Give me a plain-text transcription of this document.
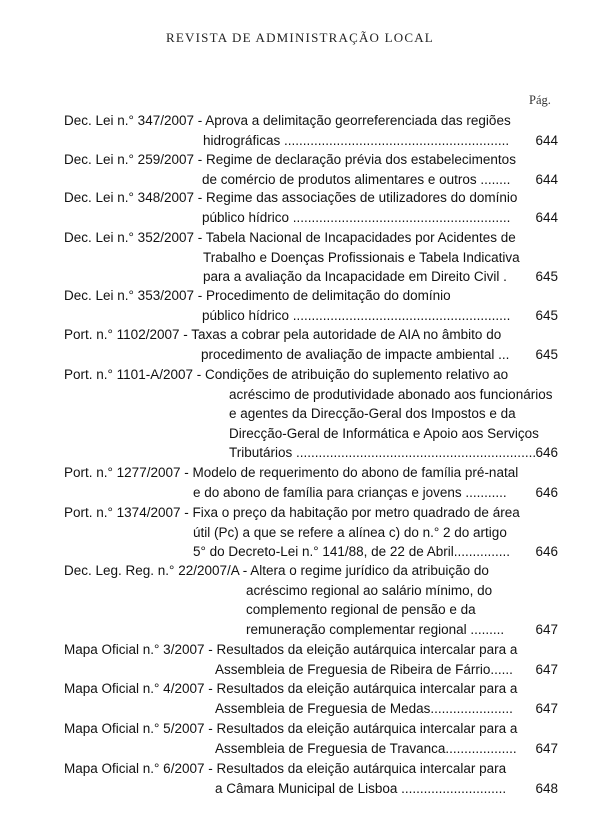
REVISTA DE ADMINISTRAÇÃO LOCAL
Pág.
Dec. Lei n.° 347/2007 - Aprova a delimitação georreferenciada das regiões
hidrográficas ............................................................ 644
Dec. Lei n.° 259/2007 - Regime de declaração prévia dos estabelecimentos
de comércio de produtos alimentares e outros ........ 644
Dec. Lei n.° 348/2007 - Regime das associações de utilizadores do domínio
público hídrico .......................................................... 644
Dec. Lei n.° 352/2007 - Tabela Nacional de Incapacidades por Acidentes de
Trabalho e Doenças Profissionais e Tabela Indicativa
para a avaliação da Incapacidade em Direito Civil . 645
Dec. Lei n.° 353/2007 - Procedimento de delimitação do domínio
público hídrico .......................................................... 645
Port. n.° 1102/2007 - Taxas a cobrar pela autoridade de AIA no âmbito do
procedimento de avaliação de impacte ambiental ... 645
Port. n.° 1101-A/2007 - Condições de atribuição do suplemento relativo ao
acréscimo de produtividade abonado aos funcionários
e agentes da Direcção-Geral dos Impostos e da
Direcção-Geral de Informática e Apoio aos Serviços
Tributários ................................................................ 646
Port. n.° 1277/2007 - Modelo de requerimento do abono de família pré-natal
e do abono de família para crianças e jovens ........... 646
Port. n.° 1374/2007 - Fixa o preço da habitação por metro quadrado de área
útil (Pc) a que se refere a alínea c) do n.° 2 do artigo
5° do Decreto-Lei n.° 141/88, de 22 de Abril............... 646
Dec. Leg. Reg. n.° 22/2007/A - Altera o regime jurídico da atribuição do
acréscimo regional ao salário mínimo, do
complemento regional de pensão e da
remuneração complementar regional ......... 647
Mapa Oficial n.° 3/2007 - Resultados da eleição autárquica intercalar para a
Assembleia de Freguesia de Ribeira de Fárrio...... 647
Mapa Oficial n.° 4/2007 - Resultados da eleição autárquica intercalar para a
Assembleia de Freguesia de Medas...................... 647
Mapa Oficial n.° 5/2007 - Resultados da eleição autárquica intercalar para a
Assembleia de Freguesia de Travanca................... 647
Mapa Oficial n.° 6/2007 - Resultados da eleição autárquica intercalar para
a Câmara Municipal de Lisboa ............................ 648
